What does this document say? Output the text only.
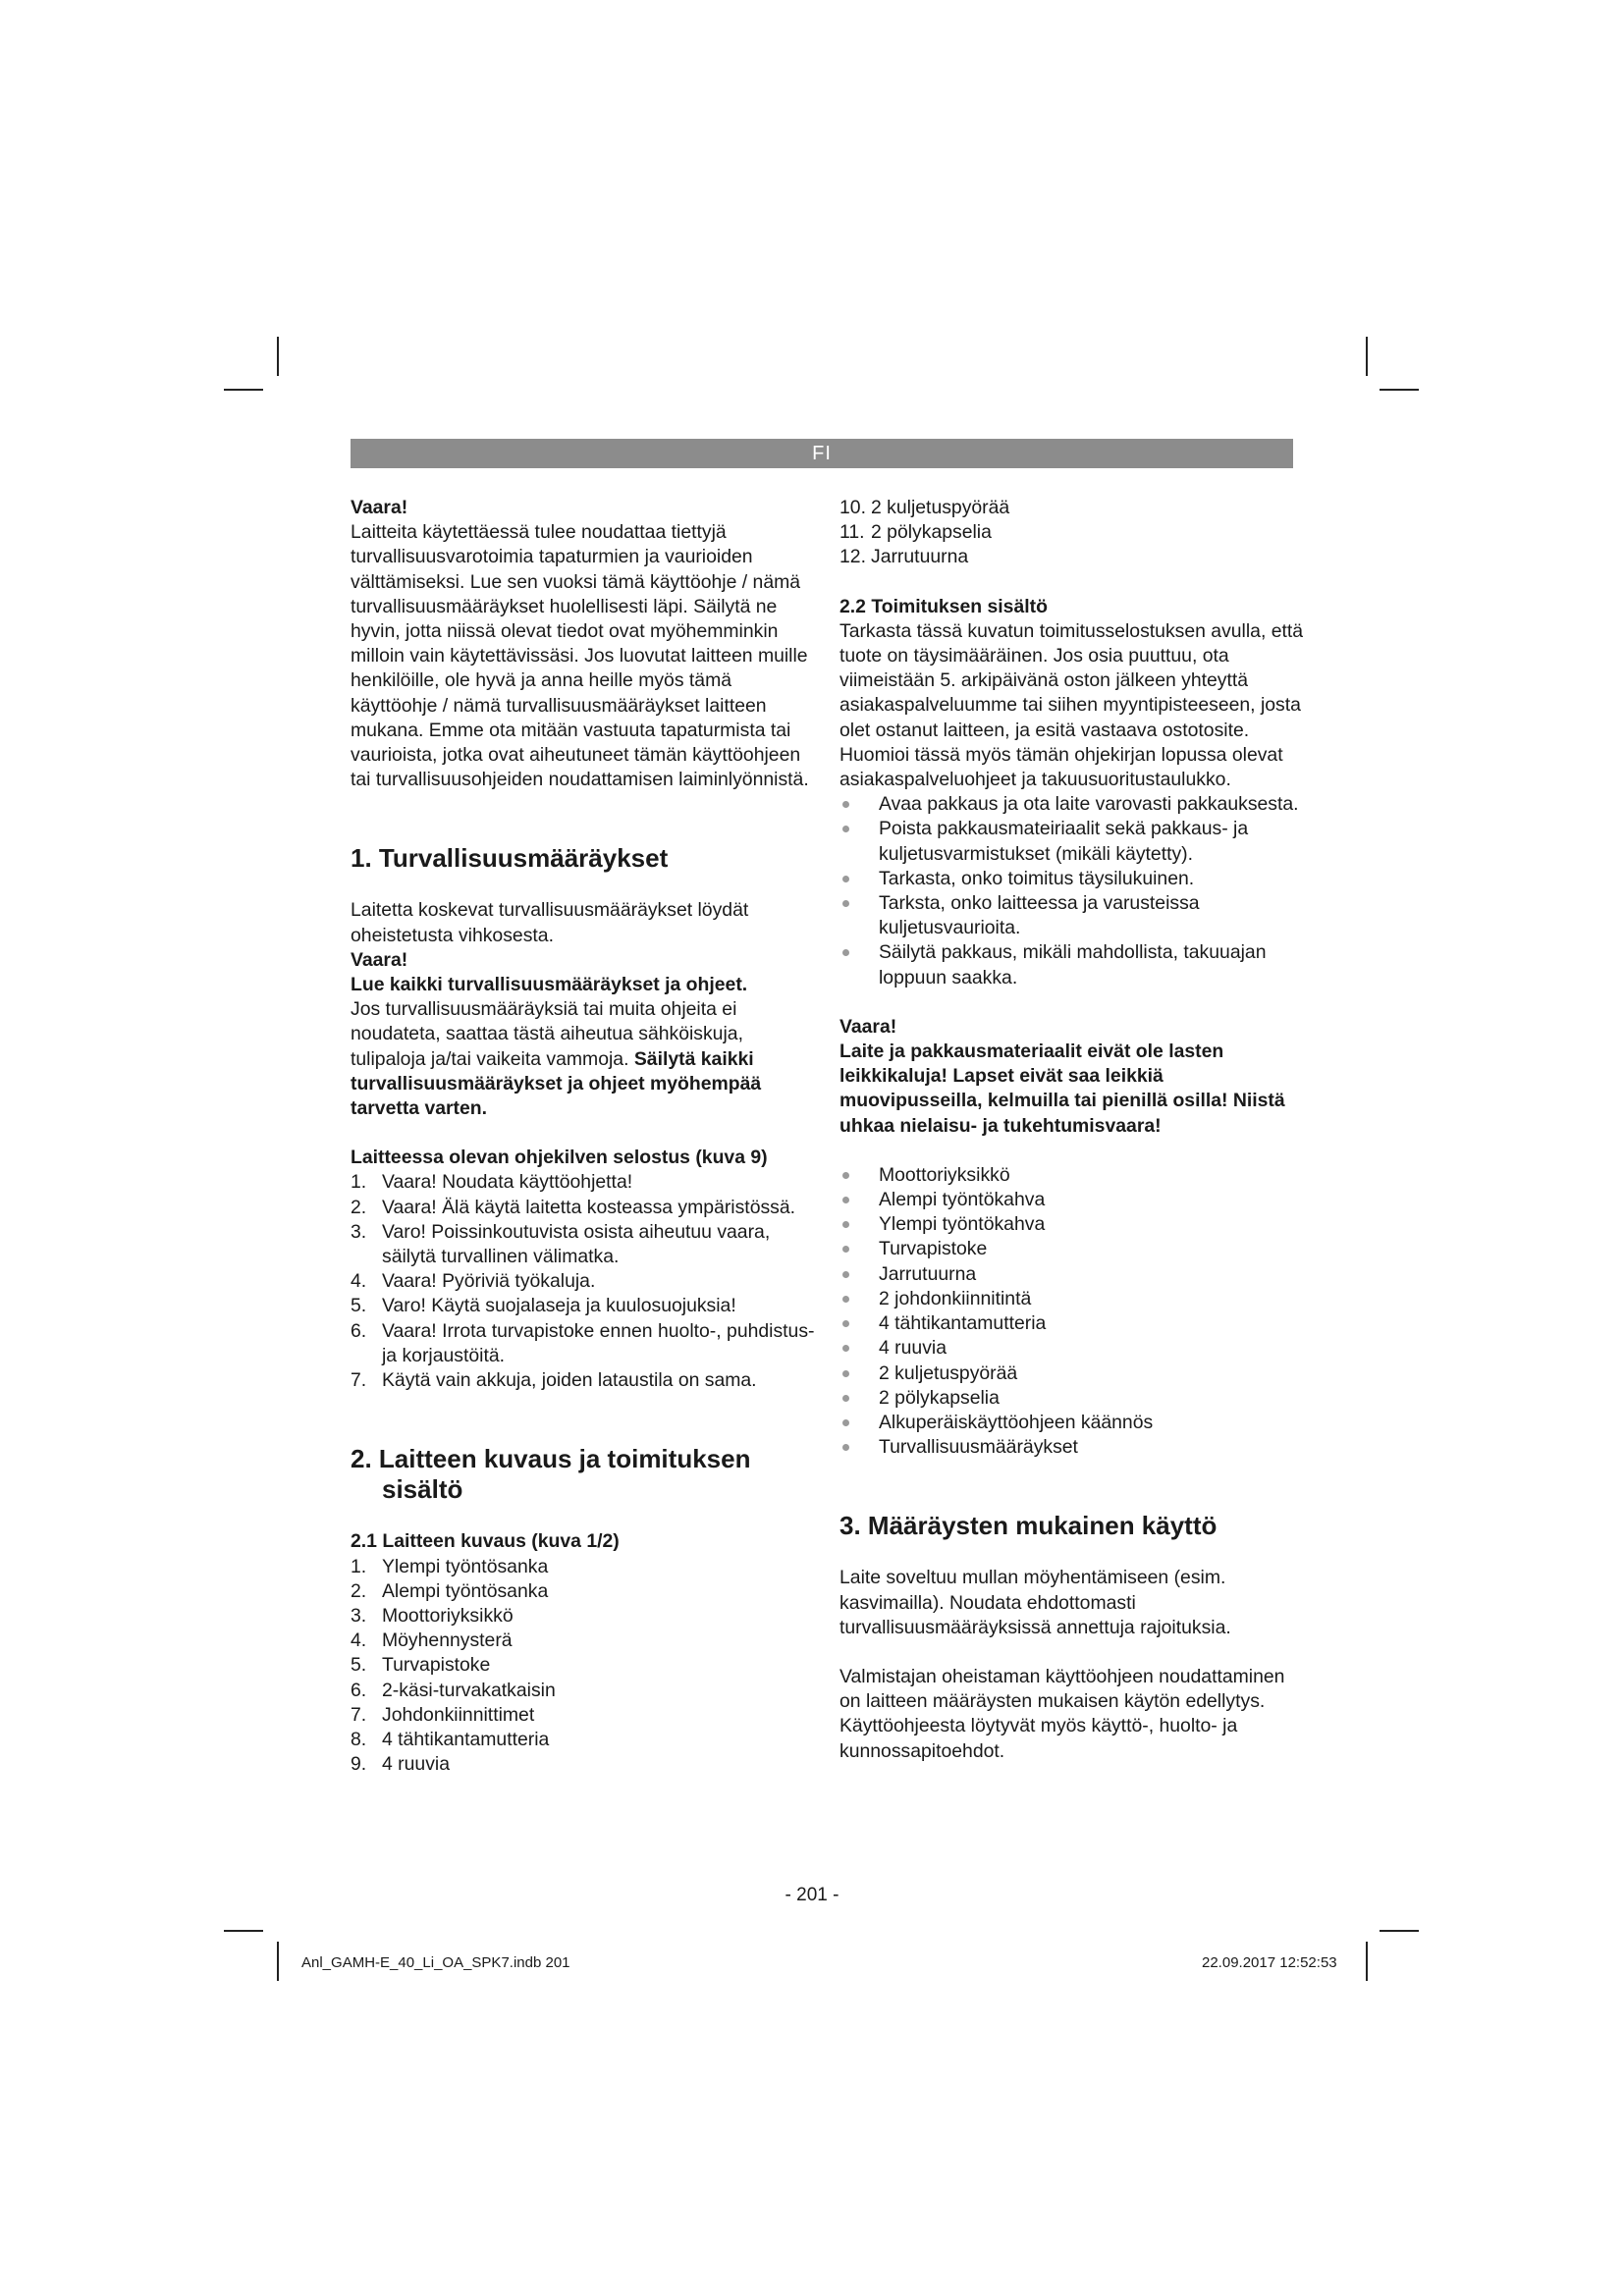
FI

Vaara!

Laitteita käytettäessä tulee noudattaa tiettyjä turvallisuusvarotoimia tapaturmien ja vaurioiden välttämiseksi. Lue sen vuoksi tämä käyttöohje / nämä turvallisuusmääräykset huolellisesti läpi. Säilytä ne hyvin, jotta niissä olevat tiedot ovat myöhemminkin milloin vain käytettävissäsi. Jos luovutat laitteen muille henkilöille, ole hyvä ja anna heille myös tämä käyttöohje / nämä turvallisuusmääräykset laitteen mukana. Emme ota mitään vastuuta tapaturmista tai vaurioista, jotka ovat aiheutuneet tämän käyttöohjeen tai turvallisuusohjeiden noudattamisen laiminlyönnistä.

1. Turvallisuusmääräykset

Laitetta koskevat turvallisuusmääräykset löydät oheistetusta vihkosesta.

Vaara!

Lue kaikki turvallisuusmääräykset ja ohjeet.

Jos turvallisuusmääräyksiä tai muita ohjeita ei noudateta, saattaa tästä aiheutua sähköiskuja, tulipaloja ja/tai vaikeita vammoja. Säilytä kaikki turvallisuusmääräykset ja ohjeet myöhempää tarvetta varten.

Laitteessa olevan ohjekilven selostus (kuva 9)
1. Vaara! Noudata käyttöohjetta!
2. Vaara! Älä käytä laitetta kosteassa ympäristössä.
3. Varo! Poissinkoutuvista osista aiheutuu vaara, säilytä turvallinen välimatka.
4. Vaara! Pyöriviä työkaluja.
5. Varo! Käytä suojalaseja ja kuulosuojuksia!
6. Vaara! Irrota turvapistoke ennen huolto-, puhdistus- ja korjaustöitä.
7. Käytä vain akkuja, joiden lataustila on sama.
2. Laitteen kuvaus ja toimituksen
sisältö
2.1 Laitteen kuvaus (kuva 1/2)
1. Ylempi työntösanka
2. Alempi työntösanka
3. Moottoriyksikkö
4. Möyhennysterä
5. Turvapistoke
6. 2-käsi-turvakatkaisin
7. Johdonkiinnittimet
8. 4 tähtikantamutteria
9. 4 ruuvia
10. 2 kuljetuspyörää
11. 2 pölykapselia
12. Jarrutuurna
2.2 Toimituksen sisältö

Tarkasta tässä kuvatun toimitusselostuksen avulla, että tuote on täysimääräinen. Jos osia puuttuu, ota viimeistään 5. arkipäivänä oston jälkeen yhteyttä asiakaspalveluumme tai siihen myyntipisteeseen, josta olet ostanut laitteen, ja esitä vastaava ostotosite. Huomioi tässä myös tämän ohjekirjan lopussa olevat asiakaspalveluohjeet ja takuusuoritustaulukko.

Avaa pakkaus ja ota laite varovasti pakkauksesta.
Poista pakkausmateiriaalit sekä pakkaus- ja kuljetusvarmistukset (mikäli käytetty).
Tarkasta, onko toimitus täysilukuinen.
Tarksta, onko laitteessa ja varusteissa kuljetusvaurioita.
Säilytä pakkaus, mikäli mahdollista, takuuajan loppuun saakka.

Vaara!

Laite ja pakkausmateriaalit eivät ole lasten leikkikaluja! Lapset eivät saa leikkiä muovipusseilla, kelmuilla tai pienillä osilla! Niistä uhkaa nielaisu- ja tukehtumisvaara!

Moottoriyksikkö
Alempi työntökahva
Ylempi työntökahva
Turvapistoke
Jarrutuurna
2 johdonkiinnitintä
4 tähtikantamutteria
4 ruuvia
2 kuljetuspyörää
2 pölykapselia
Alkuperäiskäyttöohjeen käännös
Turvallisuusmääräykset
3. Määräysten mukainen käyttö

Laite soveltuu mullan möyhentämiseen (esim. kasvimailla). Noudata ehdottomasti turvallisuusmääräyksissä annettuja rajoituksia.

Valmistajan oheistaman käyttöohjeen noudattaminen on laitteen määräysten mukaisen käytön edellytys. Käyttöohjeesta löytyvät myös käyttö-, huolto- ja kunnossapitoehdot.

- 201 -
Anl_GAMH-E_40_Li_OA_SPK7.indb 201	22.09.2017 12:52:53
